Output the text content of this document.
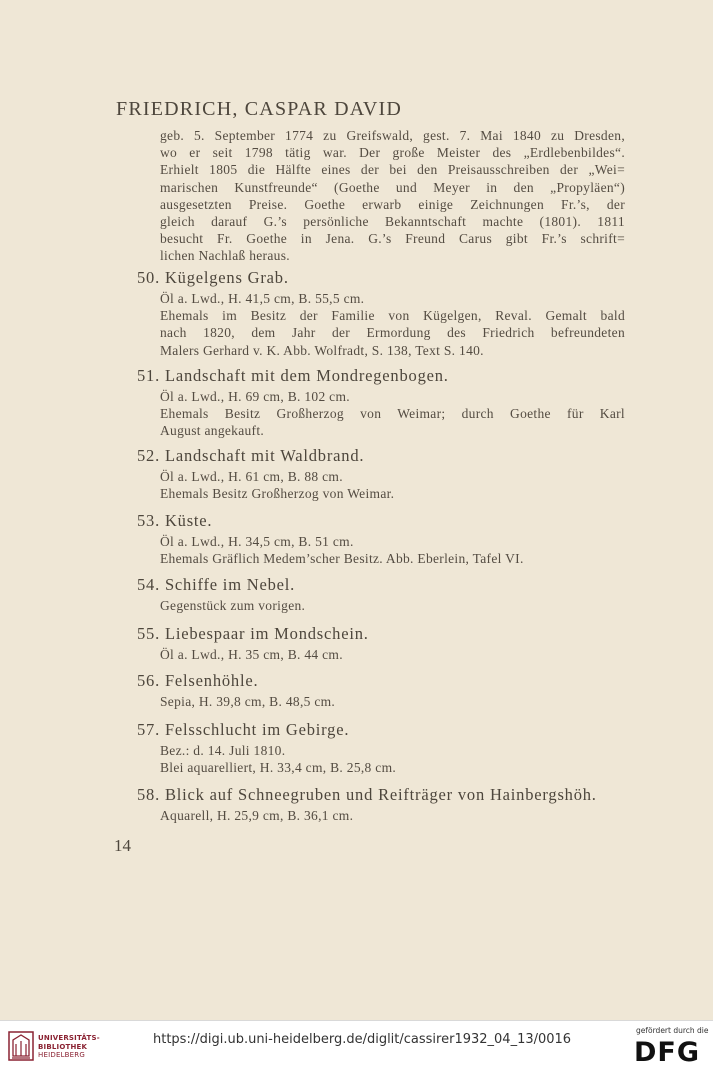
FRIEDRICH, CASPAR DAVID
geb. 5. September 1774 zu Greifswald, gest. 7. Mai 1840 zu Dresden,
wo er seit 1798 tätig war. Der große Meister des „Erdlebenbildes“.
Erhielt 1805 die Hälfte eines der bei den Preisausschreiben der „Wei=
marischen Kunstfreunde“ (Goethe und Meyer in den „Propyläen“)
ausgesetzten Preise. Goethe erwarb einige Zeichnungen Fr.’s, der
gleich darauf G.’s persönliche Bekanntschaft machte (1801). 1811
besucht Fr. Goethe in Jena. G.’s Freund Carus gibt Fr.’s schrift=
lichen Nachlaß heraus.
50. Kügelgens Grab.
Öl a. Lwd., H. 41,5 cm, B. 55,5 cm.
Ehemals im Besitz der Familie von Kügelgen, Reval. Gemalt bald
nach 1820, dem Jahr der Ermordung des Friedrich befreundeten
Malers Gerhard v. K. Abb. Wolfradt, S. 138, Text S. 140.
51. Landschaft mit dem Mondregenbogen.
Öl a. Lwd., H. 69 cm, B. 102 cm.
Ehemals Besitz Großherzog von Weimar; durch Goethe für Karl
August angekauft.
52. Landschaft mit Waldbrand.
Öl a. Lwd., H. 61 cm, B. 88 cm.
Ehemals Besitz Großherzog von Weimar.
53. Küste.
Öl a. Lwd., H. 34,5 cm, B. 51 cm.
Ehemals Gräflich Medem’scher Besitz. Abb. Eberlein, Tafel VI.
54. Schiffe im Nebel.
Gegenstück zum vorigen.
55. Liebespaar im Mondschein.
Öl a. Lwd., H. 35 cm, B. 44 cm.
56. Felsenhöhle.
Sepia, H. 39,8 cm, B. 48,5 cm.
57. Felsschlucht im Gebirge.
Bez.: d. 14. Juli 1810.
Blei aquarelliert, H. 33,4 cm, B. 25,8 cm.
58. Blick auf Schneegruben und Reifträger von Hainbergshöh.
Aquarell, H. 25,9 cm, B. 36,1 cm.
14
UNIVERSITÄTS-
BIBLIOTHEK
HEIDELBERG
https://digi.ub.uni-heidelberg.de/diglit/cassirer1932_04_13/0016
gefördert durch die
DFG
